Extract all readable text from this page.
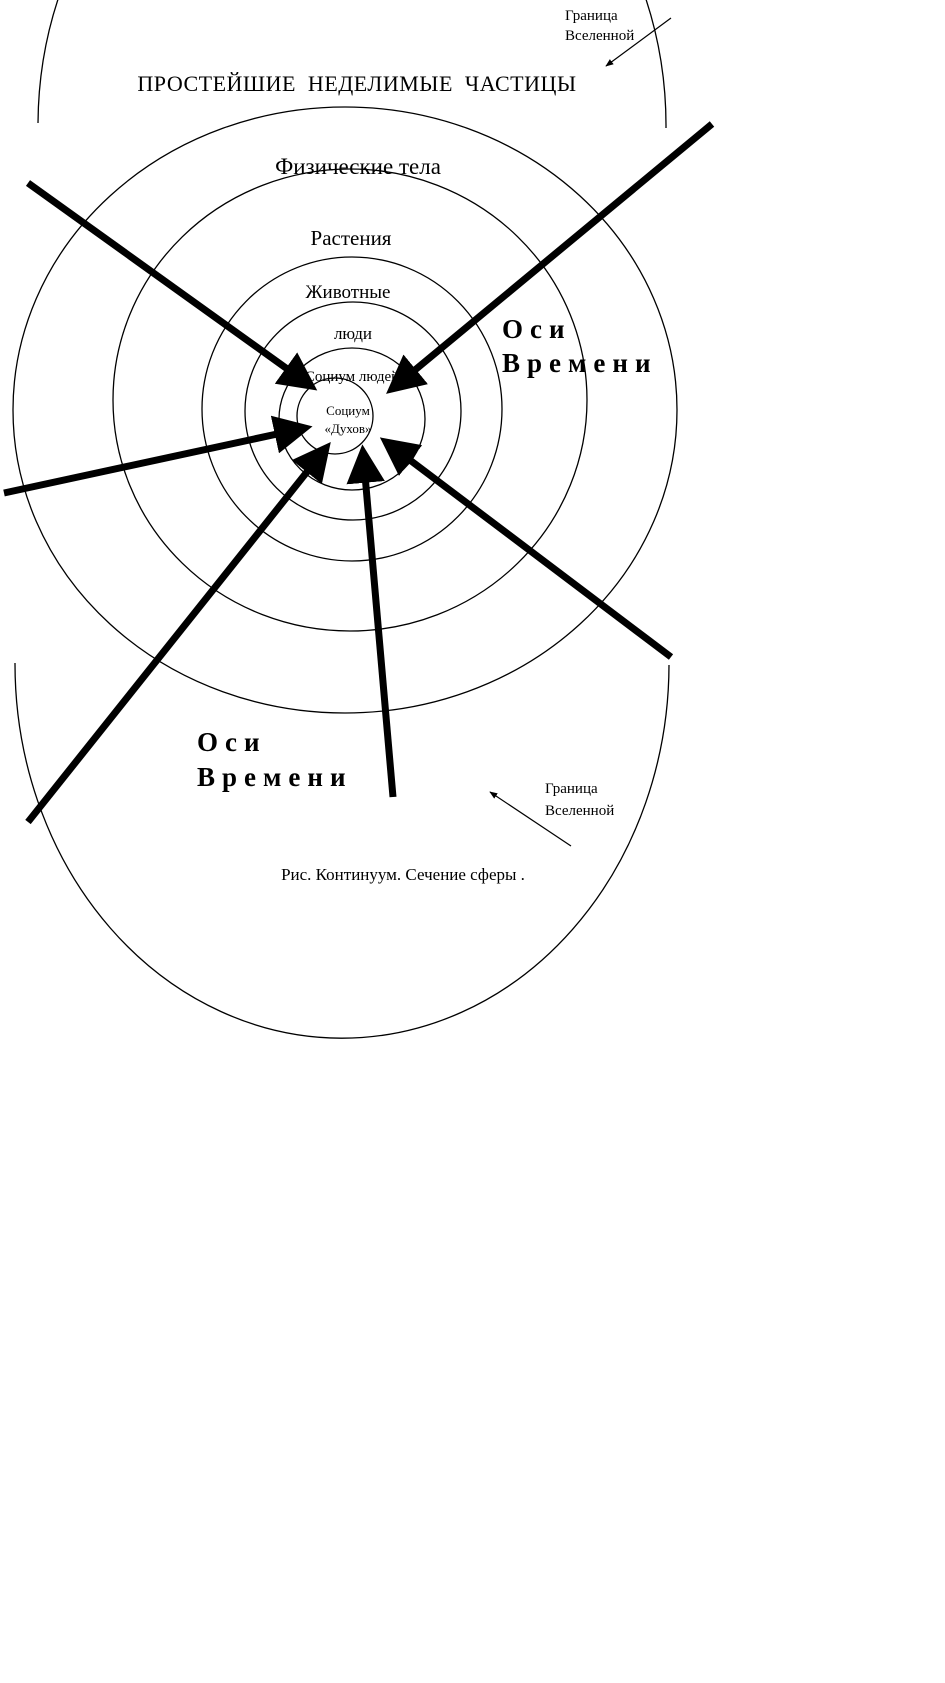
ПРОСТЕЙШИЕ  НЕДЕЛИМЫЕ  ЧАСТИЦЫ
Физические тела
Растения
Животные
люди
Социум людей
Социум
«Духов»
Граница
Вселенной
Граница
Вселенной
Оси
Времени
Оси
Времени
Рис. Континуум. Сечение сферы .
